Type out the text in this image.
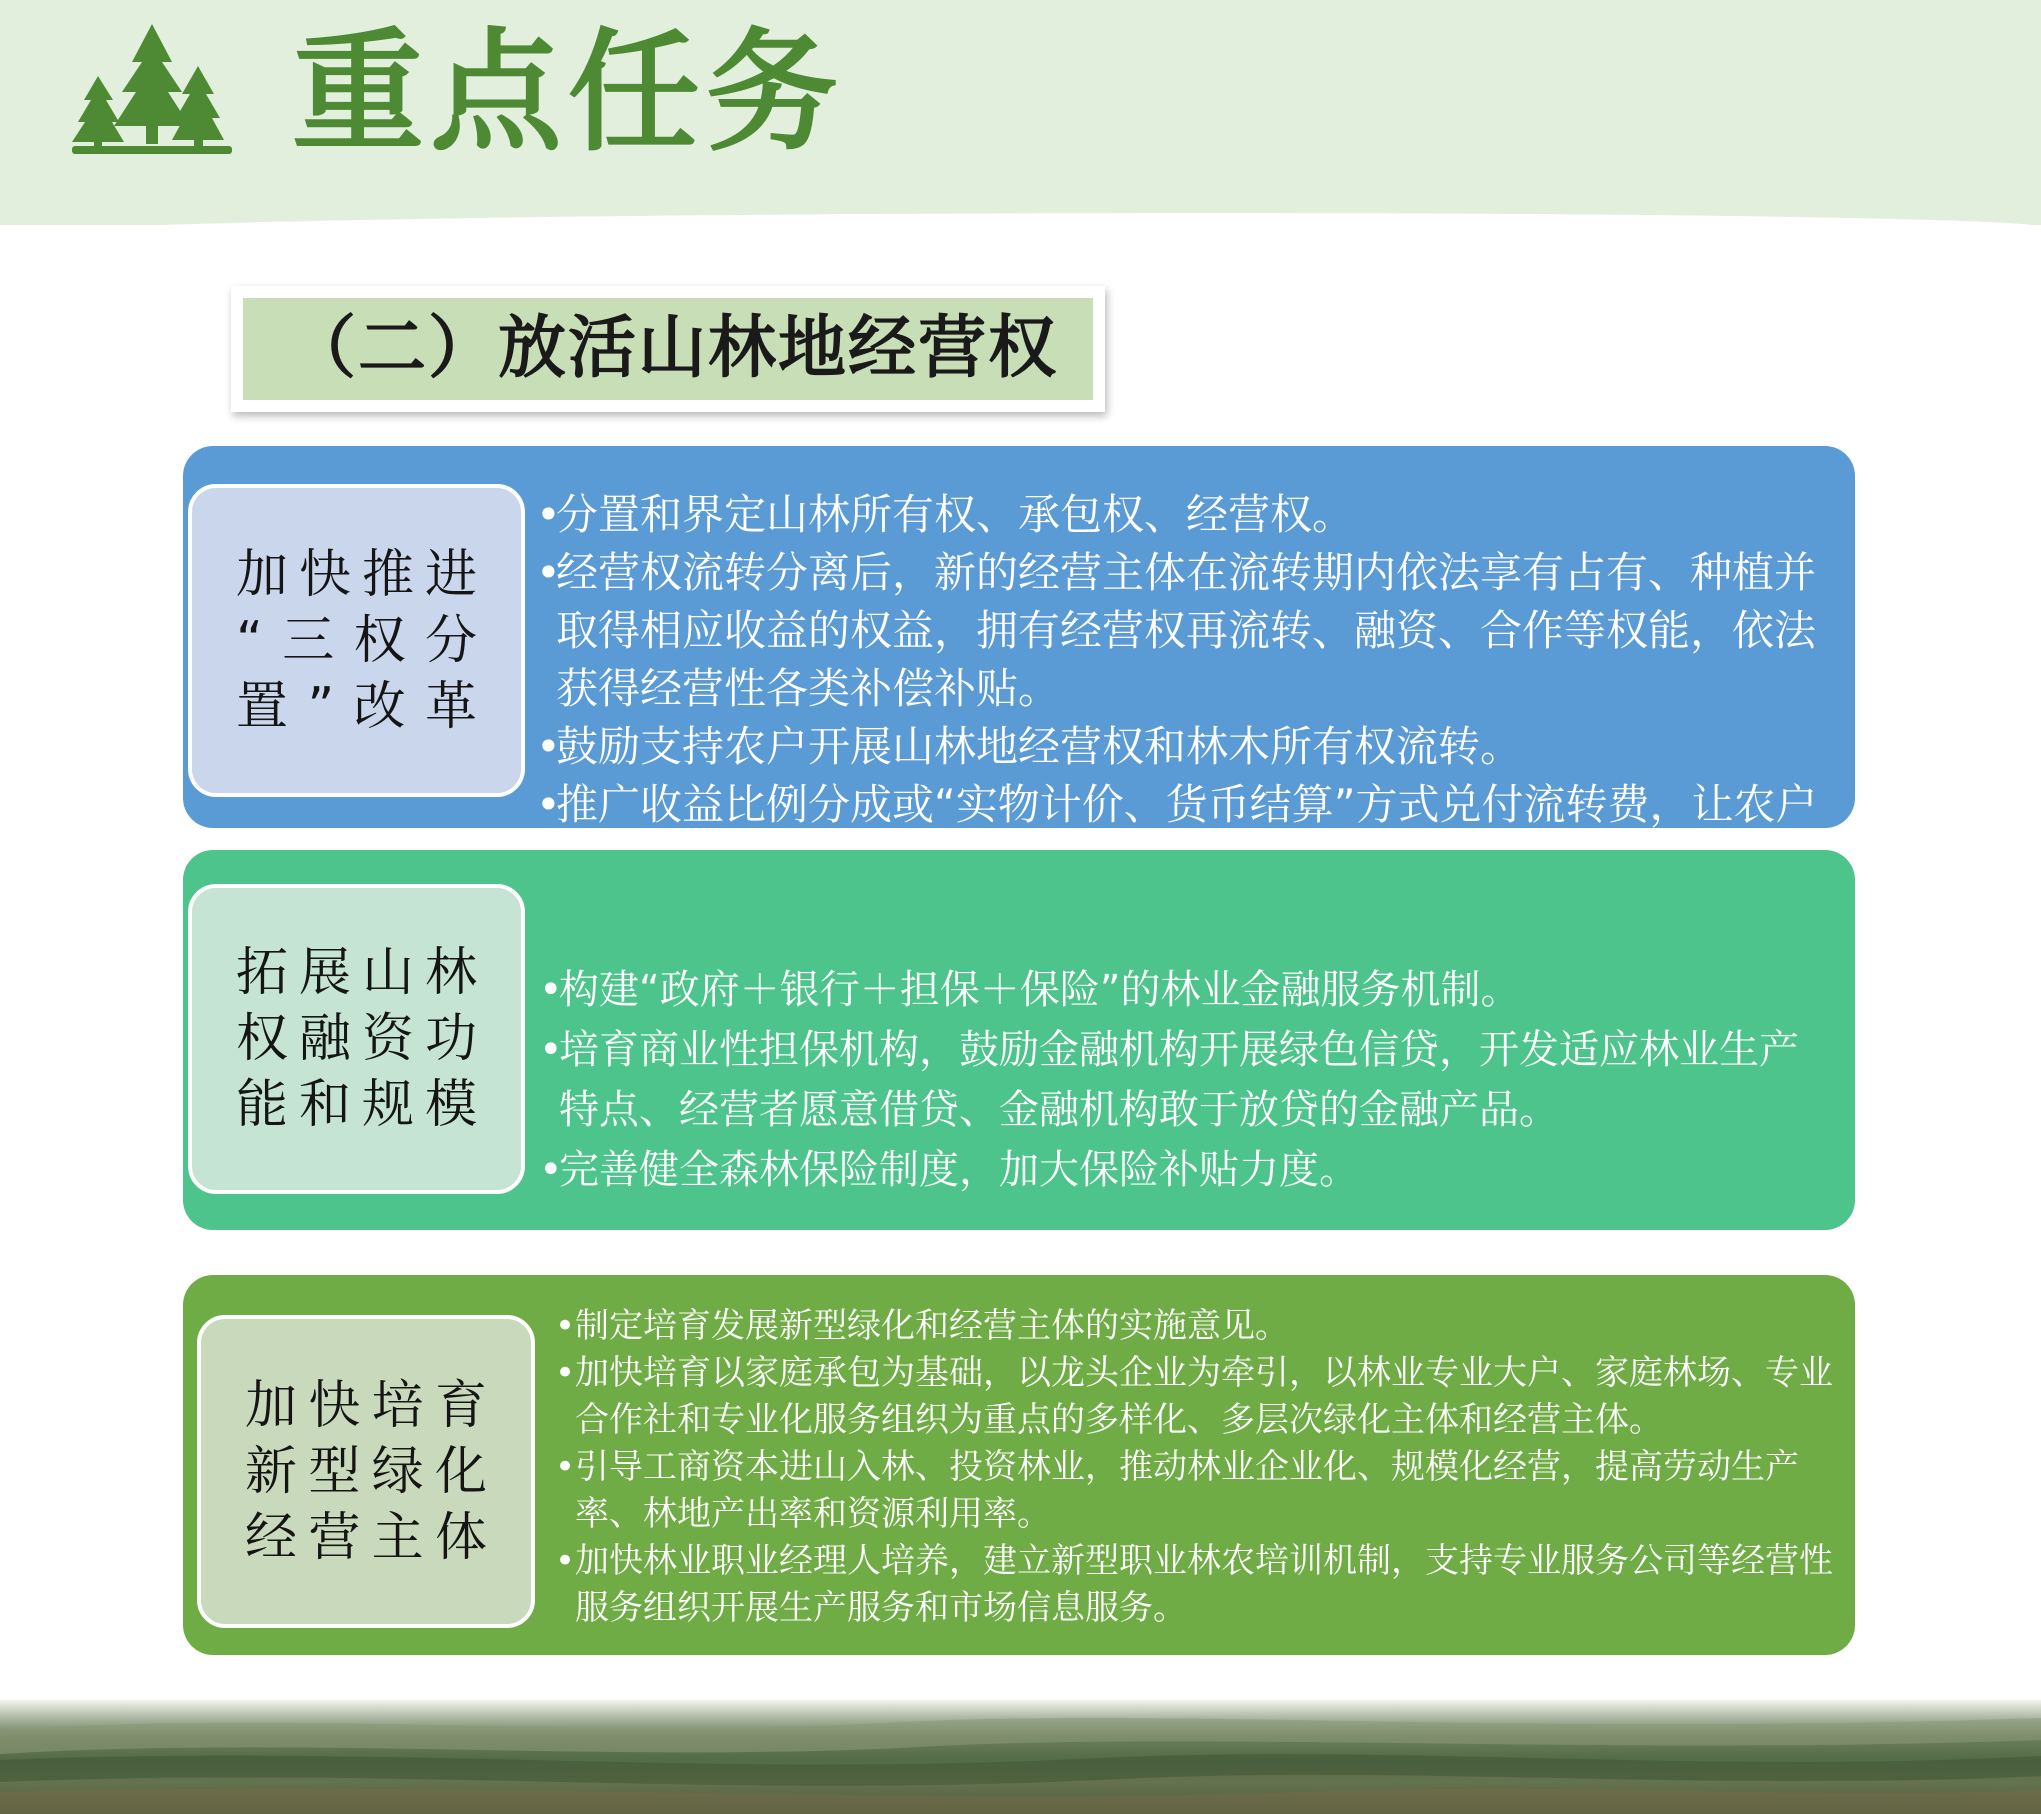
重点任务
（二）放活山林地经营权
加快推进
“三权分
置”改革
• 分置和界定山林所有权、承包权、经营权。
• 经营权流转分离后，新的经营主体在流转期内依法享有占有、种植并取得相应收益的权益，拥有经营权再流转、融资、合作等权能，依法获得经营性各类补偿补贴。
• 鼓励支持农户开展山林地经营权和林木所有权流转。
• 推广收益比例分成或“实物计价、货币结算”方式兑付流转费，让农户
拓展山林
权融资功
能和规模
• 构建“政府＋银行＋担保＋保险”的林业金融服务机制。
• 培育商业性担保机构，鼓励金融机构开展绿色信贷，开发适应林业生产特点、经营者愿意借贷、金融机构敢于放贷的金融产品。
• 完善健全森林保险制度，加大保险补贴力度。
加快培育
新型绿化
经营主体
• 制定培育发展新型绿化和经营主体的实施意见。
• 加快培育以家庭承包为基础，以龙头企业为牵引，以林业专业大户、家庭林场、专业合作社和专业化服务组织为重点的多样化、多层次绿化主体和经营主体。
• 引导工商资本进山入林、投资林业，推动林业企业化、规模化经营，提高劳动生产率、林地产出率和资源利用率。
• 加快林业职业经理人培养，建立新型职业林农培训机制，支持专业服务公司等经营性服务组织开展生产服务和市场信息服务。
